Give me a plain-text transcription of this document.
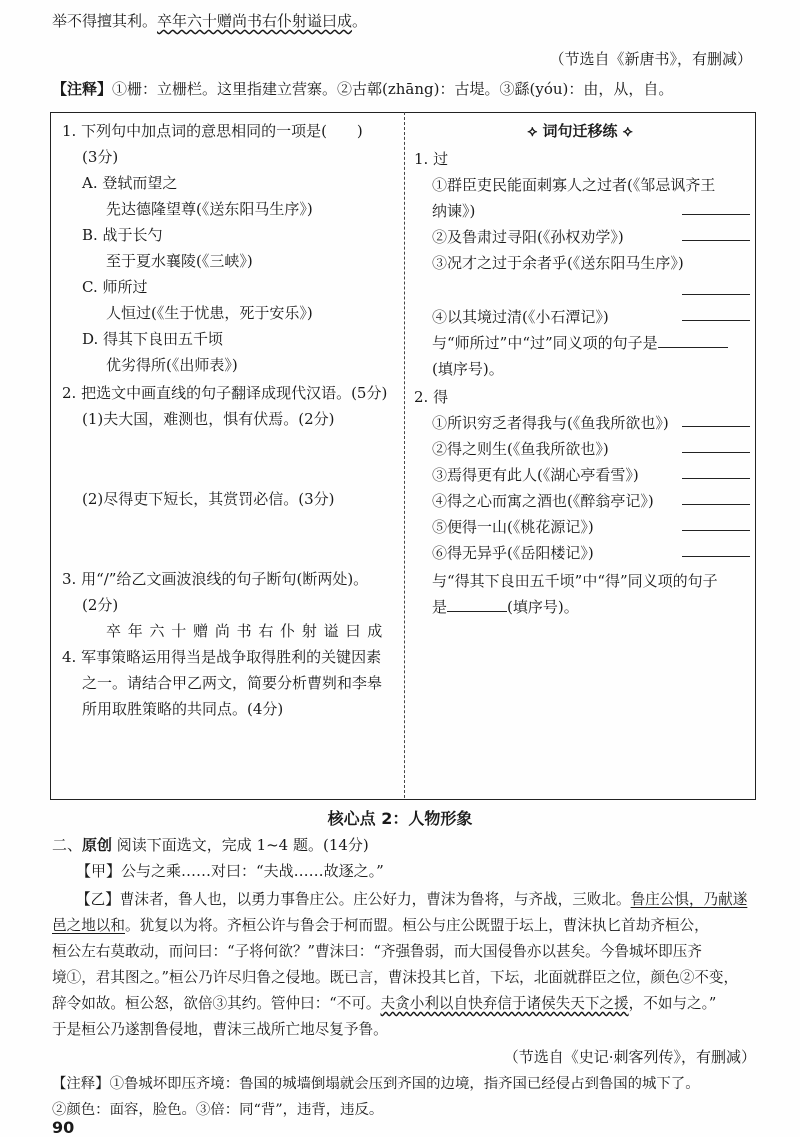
举不得擅其利。卒年六十赠尚书右仆射谥曰成。
（节选自《新唐书》，有删减）
【注释】①栅：立栅栏。这里指建立营寨。②古鄣(zhāng)：古堤。③繇(yóu)：由，从，自。
1. 下列句中加点词的意思相同的一项是(　　)
(3分)
A. 登轼而望之
先达德隆望尊(《送东阳马生序》)
B. 战于长勺
至于夏水襄陵(《三峡》)
C. 师所过
人恒过(《生于忧患，死于安乐》)
D. 得其下良田五千顷
优劣得所(《出师表》)
2. 把选文中画直线的句子翻译成现代汉语。(5分)
(1)夫大国，难测也，惧有伏焉。(2分)
(2)尽得吏下短长，其赏罚必信。(3分)
3. 用“/”给乙文画波浪线的句子断句(断两处)。
(2分)
卒 年 六 十 赠 尚 书 右 仆 射 谥 曰 成
4. 军事策略运用得当是战争取得胜利的关键因素
之一。请结合甲乙两文，简要分析曹刿和李皋
所用取胜策略的共同点。(4分)
⟡ 词句迁移练 ⟡
1. 过
①群臣吏民能面刺寡人之过者(《邹忌讽齐王
纳谏》)
②及鲁肃过寻阳(《孙权劝学》)
③况才之过于余者乎(《送东阳马生序》)
④以其境过清(《小石潭记》)
与“师所过”中“过”同义项的句子是
(填序号)。
2. 得
①所识穷乏者得我与(《鱼我所欲也》)
②得之则生(《鱼我所欲也》)
③焉得更有此人(《湖心亭看雪》)
④得之心而寓之酒也(《醉翁亭记》)
⑤便得一山(《桃花源记》)
⑥得无异乎(《岳阳楼记》)
与“得其下良田五千顷”中“得”同义项的句子
是	(填序号)。
核心点 2：人物形象
二、原创 阅读下面选文，完成 1~4 题。(14分)
【甲】公与之乘……对曰：“夫战……故逐之。”
【乙】曹沫者，鲁人也，以勇力事鲁庄公。庄公好力，曹沫为鲁将，与齐战，三败北。鲁庄公惧，乃献遂
邑之地以和。犹复以为将。齐桓公许与鲁会于柯而盟。桓公与庄公既盟于坛上，曹沫执匕首劫齐桓公，
桓公左右莫敢动，而问曰：“子将何欲？”曹沫曰：“齐强鲁弱，而大国侵鲁亦以甚矣。今鲁城坏即压齐
境①，君其图之。”桓公乃许尽归鲁之侵地。既已言，曹沫投其匕首，下坛，北面就群臣之位，颜色②不变，
辞令如故。桓公怒，欲倍③其约。管仲曰：“不可。夫贪小利以自快弃信于诸侯失天下之援，不如与之。”
于是桓公乃遂割鲁侵地，曹沫三战所亡地尽复予鲁。
（节选自《史记·刺客列传》，有删减）
【注释】①鲁城坏即压齐境：鲁国的城墙倒塌就会压到齐国的边境，指齐国已经侵占到鲁国的城下了。
②颜色：面容，脸色。③倍：同“背”，违背，违反。
90
